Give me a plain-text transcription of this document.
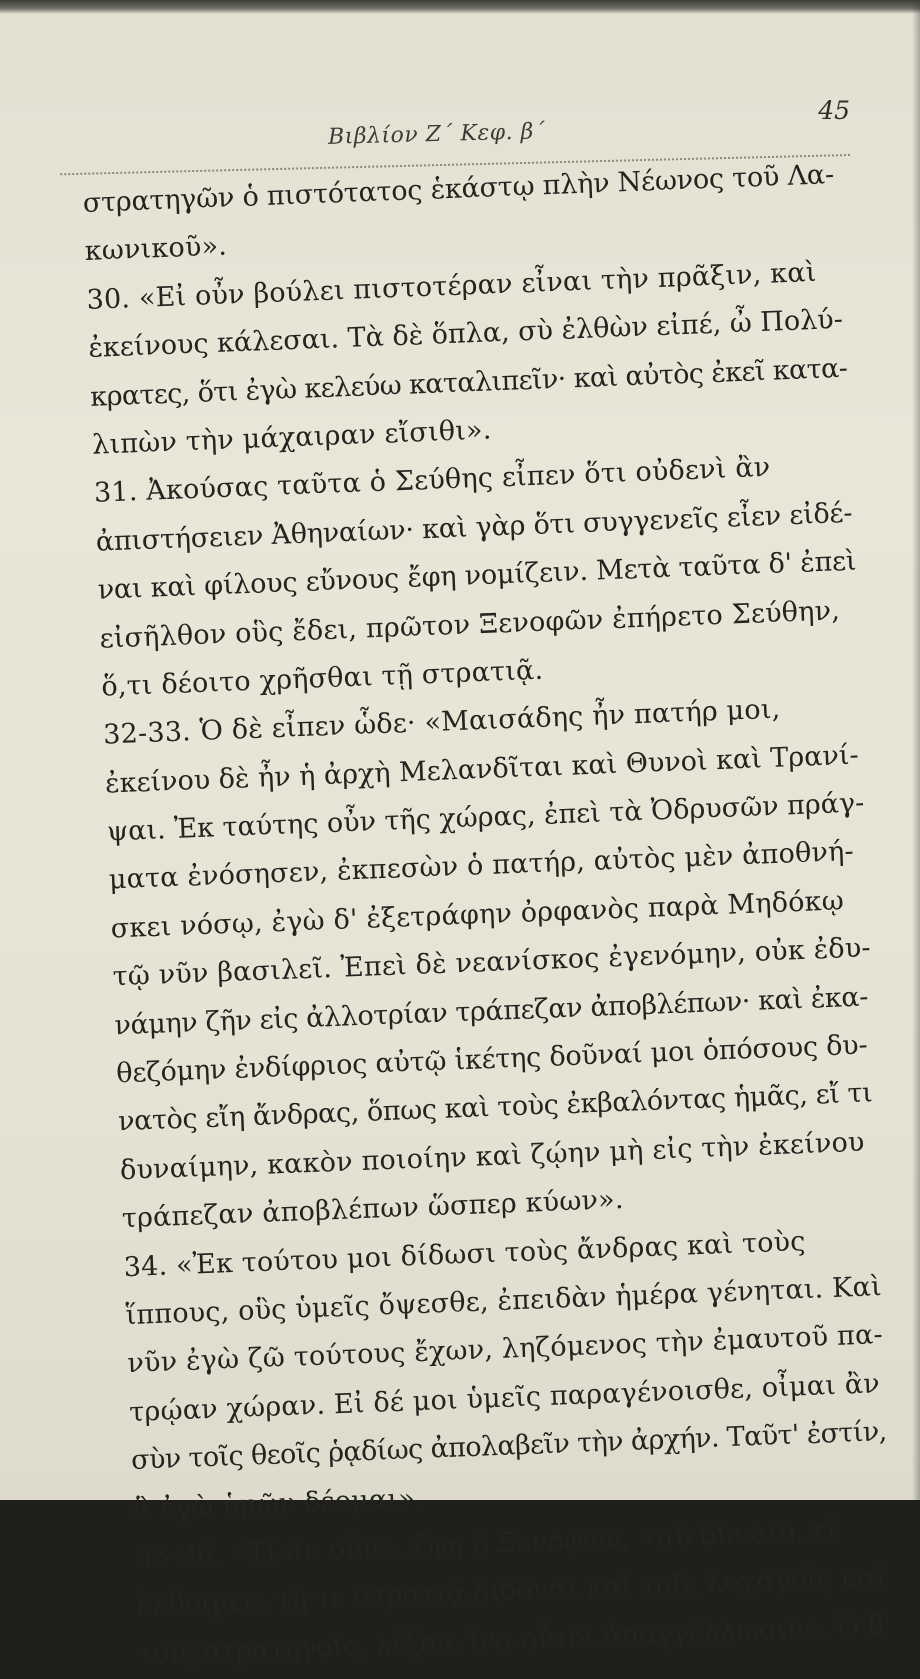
Βιβλίον Ζ΄ Κεφ. β΄
45
στρατηγῶν ὁ πιστότατος ἑκάστῳ πλὴν Νέωνος τοῦ Λα-
κωνικοῦ».
30. «Εἰ οὖν βούλει πιστοτέραν εἶναι τὴν πρᾶξιν, καὶ
ἐκείνους κάλεσαι. Τὰ δὲ ὅπλα, σὺ ἐλθὼν εἰπέ, ὦ Πολύ-
κρατες, ὅτι ἐγὼ κελεύω καταλιπεῖν· καὶ αὐτὸς ἐκεῖ κατα-
λιπὼν τὴν μάχαιραν εἴσιθι».
31. Ἀκούσας ταῦτα ὁ Σεύθης εἶπεν ὅτι οὐδενὶ ἂν
ἀπιστήσειεν Ἀθηναίων· καὶ γὰρ ὅτι συγγενεῖς εἶεν εἰδέ-
ναι καὶ φίλους εὔνους ἔφη νομίζειν. Μετὰ ταῦτα δ' ἐπεὶ
εἰσῆλθον οὓς ἔδει, πρῶτον Ξενοφῶν ἐπήρετο Σεύθην,
ὅ,τι δέοιτο χρῆσθαι τῇ στρατιᾷ.
32-33. Ὁ δὲ εἶπεν ὧδε· «Μαισάδης ἦν πατήρ μοι,
ἐκείνου δὲ ἦν ἡ ἀρχὴ Μελανδῖται καὶ Θυνοὶ καὶ Τρανί-
ψαι. Ἐκ ταύτης οὖν τῆς χώρας, ἐπεὶ τὰ Ὀδρυσῶν πράγ-
ματα ἐνόσησεν, ἐκπεσὼν ὁ πατήρ, αὐτὸς μὲν ἀποθνή-
σκει νόσῳ, ἐγὼ δ' ἐξετράφην ὀρφανὸς παρὰ Μηδόκῳ
τῷ νῦν βασιλεῖ. Ἐπεὶ δὲ νεανίσκος ἐγενόμην, οὐκ ἐδυ-
νάμην ζῆν εἰς ἀλλοτρίαν τράπεζαν ἀποβλέπων· καὶ ἐκα-
θεζόμην ἐνδίφριος αὐτῷ ἱκέτης δοῦναί μοι ὁπόσους δυ-
νατὸς εἴη ἄνδρας, ὅπως καὶ τοὺς ἐκβαλόντας ἡμᾶς, εἴ τι
δυναίμην, κακὸν ποιοίην καὶ ζῴην μὴ εἰς τὴν ἐκείνου
τράπεζαν ἀποβλέπων ὥσπερ κύων».
34. «Ἐκ τούτου μοι δίδωσι τοὺς ἄνδρας καὶ τοὺς
ἵππους, οὓς ὑμεῖς ὄψεσθε, ἐπειδὰν ἡμέρα γένηται. Καὶ
νῦν ἐγὼ ζῶ τούτους ἔχων, ληζόμενος τὴν ἐμαυτοῦ πα-
τρῴαν χώραν. Εἰ δέ μοι ὑμεῖς παραγένοισθε, οἶμαι ἂν
σὺν τοῖς θεοῖς ῥᾳδίως ἀπολαβεῖν τὴν ἀρχήν. Ταῦτ' ἐστίν,
ἃ ἐγὼ ὑμῶν δέομαι».
35-36. «Τί ἂν οὖν», ἔφη ὁ Ξενοφῶν, «σὺ δύναιο, εἰ
ἔλθοιμεν, τῇ τε στρατιᾷ διδόναι καὶ τοῖς λοχαγοῖς καὶ
τοῖς στρατηγοῖς, λέξον, ἵνα οὗτοι ἀπαγγέλλωσιν». Ὁ δ'
